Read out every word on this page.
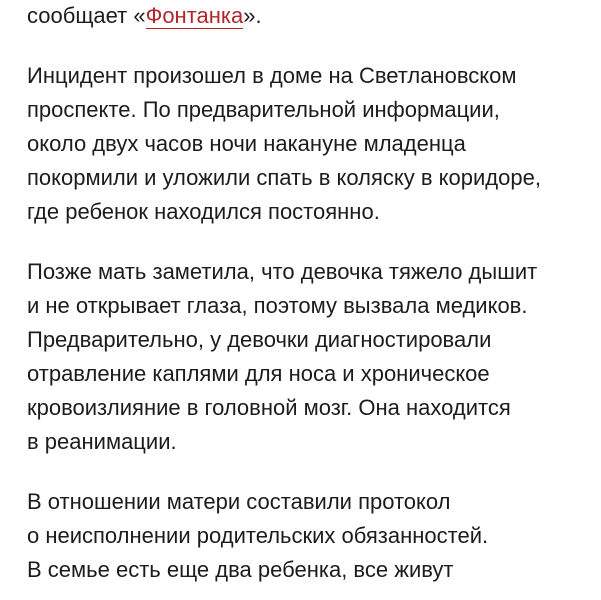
сообщает «Фонтанка».
Инцидент произошел в доме на Светлановском
проспекте. По предварительной информации,
около двух часов ночи накануне младенца
покормили и уложили спать в коляску в коридоре,
где ребенок находился постоянно.
Позже мать заметила, что девочка тяжело дышит
и не открывает глаза, поэтому вызвала медиков.
Предварительно, у девочки диагностировали
отравление каплями для носа и хроническое
кровоизлияние в головной мозг. Она находится
в реанимации.
В отношении матери составили протокол
о неисполнении родительских обязанностей.
В семье есть еще два ребенка, все живут
